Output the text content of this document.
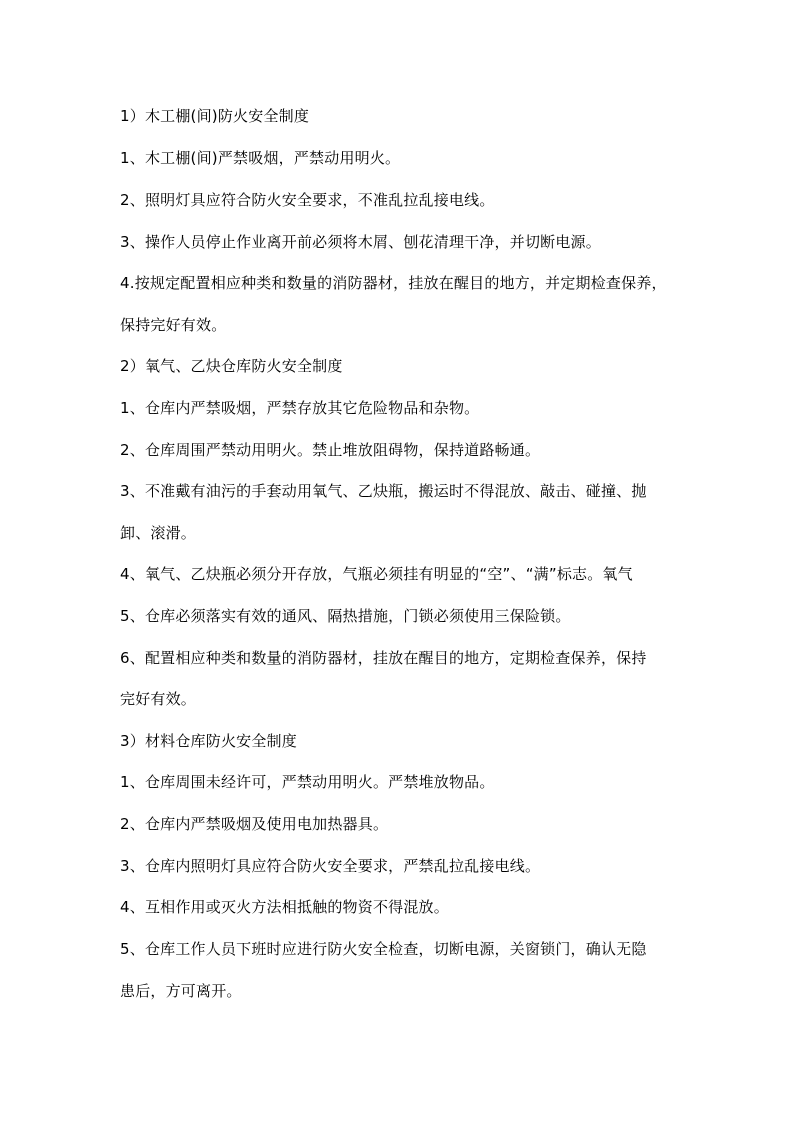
1）木工棚(间)防火安全制度
1、木工棚(间)严禁吸烟，严禁动用明火。
2、照明灯具应符合防火安全要求，不准乱拉乱接电线。
3、操作人员停止作业离开前必须将木屑、刨花清理干净，并切断电源。
4.按规定配置相应种类和数量的消防器材，挂放在醒目的地方，并定期检查保养，
保持完好有效。
2）氧气、乙炔仓库防火安全制度
1、仓库内严禁吸烟，严禁存放其它危险物品和杂物。
2、仓库周围严禁动用明火。禁止堆放阻碍物，保持道路畅通。
3、不准戴有油污的手套动用氧气、乙炔瓶，搬运时不得混放、敲击、碰撞、抛
卸、滚滑。
4、氧气、乙炔瓶必须分开存放，气瓶必须挂有明显的“空”、“满”标志。氧气
5、仓库必须落实有效的通风、隔热措施，门锁必须使用三保险锁。
6、配置相应种类和数量的消防器材，挂放在醒目的地方，定期检查保养，保持
完好有效。
3）材料仓库防火安全制度
1、仓库周围未经许可，严禁动用明火。严禁堆放物品。
2、仓库内严禁吸烟及使用电加热器具。
3、仓库内照明灯具应符合防火安全要求，严禁乱拉乱接电线。
4、互相作用或灭火方法相抵触的物资不得混放。
5、仓库工作人员下班时应进行防火安全检查，切断电源，关窗锁门，确认无隐
患后，方可离开。
